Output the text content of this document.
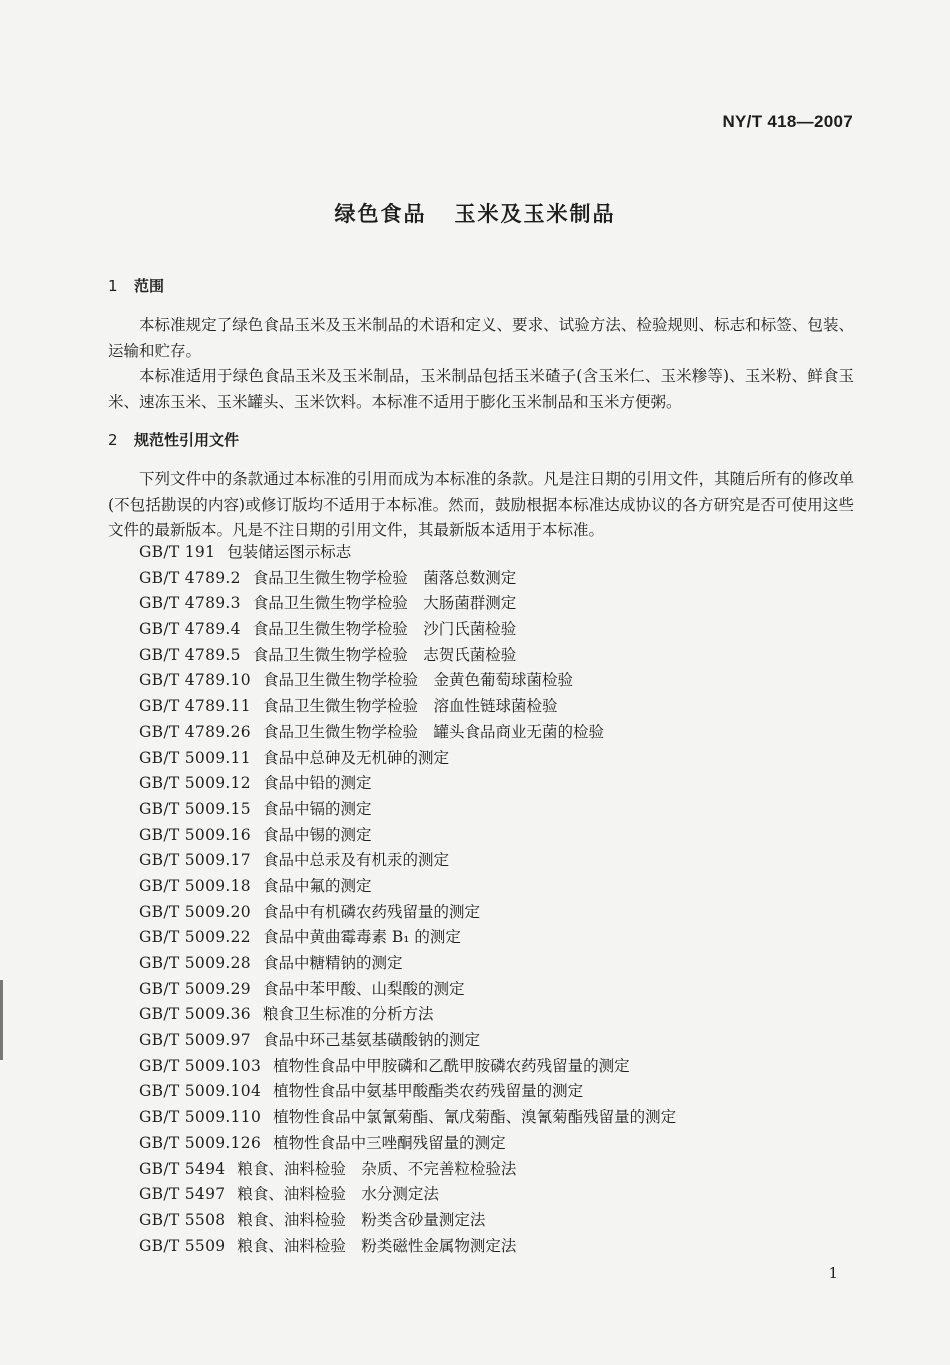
NY/T 418—2007
绿色食品 玉米及玉米制品
1 范围
本标准规定了绿色食品玉米及玉米制品的术语和定义、要求、试验方法、检验规则、标志和标签、包装、运输和贮存。
本标准适用于绿色食品玉米及玉米制品，玉米制品包括玉米碴子(含玉米仁、玉米糁等)、玉米粉、鲜食玉米、速冻玉米、玉米罐头、玉米饮料。本标准不适用于膨化玉米制品和玉米方便粥。
2 规范性引用文件
下列文件中的条款通过本标准的引用而成为本标准的条款。凡是注日期的引用文件，其随后所有的修改单(不包括勘误的内容)或修订版均不适用于本标准。然而，鼓励根据本标准达成协议的各方研究是否可使用这些文件的最新版本。凡是不注日期的引用文件，其最新版本适用于本标准。
GB/T 191 包装储运图示标志
GB/T 4789.2 食品卫生微生物学检验　菌落总数测定
GB/T 4789.3 食品卫生微生物学检验　大肠菌群测定
GB/T 4789.4 食品卫生微生物学检验　沙门氏菌检验
GB/T 4789.5 食品卫生微生物学检验　志贺氏菌检验
GB/T 4789.10 食品卫生微生物学检验　金黄色葡萄球菌检验
GB/T 4789.11 食品卫生微生物学检验　溶血性链球菌检验
GB/T 4789.26 食品卫生微生物学检验　罐头食品商业无菌的检验
GB/T 5009.11 食品中总砷及无机砷的测定
GB/T 5009.12 食品中铅的测定
GB/T 5009.15 食品中镉的测定
GB/T 5009.16 食品中锡的测定
GB/T 5009.17 食品中总汞及有机汞的测定
GB/T 5009.18 食品中氟的测定
GB/T 5009.20 食品中有机磷农药残留量的测定
GB/T 5009.22 食品中黄曲霉毒素 B₁ 的测定
GB/T 5009.28 食品中糖精钠的测定
GB/T 5009.29 食品中苯甲酸、山梨酸的测定
GB/T 5009.36 粮食卫生标准的分析方法
GB/T 5009.97 食品中环己基氨基磺酸钠的测定
GB/T 5009.103 植物性食品中甲胺磷和乙酰甲胺磷农药残留量的测定
GB/T 5009.104 植物性食品中氨基甲酸酯类农药残留量的测定
GB/T 5009.110 植物性食品中氯氰菊酯、氰戊菊酯、溴氰菊酯残留量的测定
GB/T 5009.126 植物性食品中三唑酮残留量的测定
GB/T 5494 粮食、油料检验　杂质、不完善粒检验法
GB/T 5497 粮食、油料检验　水分测定法
GB/T 5508 粮食、油料检验　粉类含砂量测定法
GB/T 5509 粮食、油料检验　粉类磁性金属物测定法
1
